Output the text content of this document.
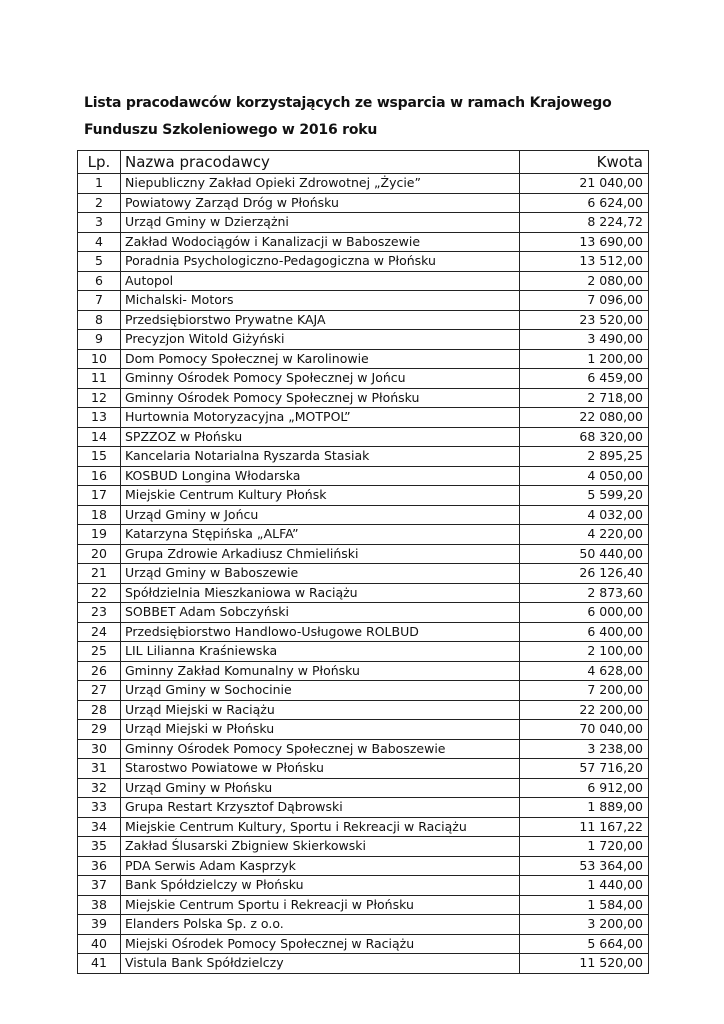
Lista pracodawców korzystających ze wsparcia w ramach Krajowego
Funduszu Szkoleniowego w 2016 roku
Lp.	Nazwa pracodawcy	Kwota
1	Niepubliczny Zakład Opieki Zdrowotnej „Życie”	21 040,00
2	Powiatowy Zarząd Dróg w Płońsku	6 624,00
3	Urząd Gminy w Dzierzążni	8 224,72
4	Zakład Wodociągów i Kanalizacji w Baboszewie	13 690,00
5	Poradnia Psychologiczno-Pedagogiczna w Płońsku	13 512,00
6	Autopol	2 080,00
7	Michalski- Motors	7 096,00
8	Przedsiębiorstwo Prywatne KAJA	23 520,00
9	Precyzjon Witold Giżyński	3 490,00
10	Dom Pomocy Społecznej w Karolinowie	1 200,00
11	Gminny Ośrodek Pomocy Społecznej w Jońcu	6 459,00
12	Gminny Ośrodek Pomocy Społecznej w Płońsku	2 718,00
13	Hurtownia Motoryzacyjna „MOTPOL”	22 080,00
14	SPZZOZ w Płońsku	68 320,00
15	Kancelaria Notarialna Ryszarda Stasiak	2 895,25
16	KOSBUD Longina Włodarska	4 050,00
17	Miejskie Centrum Kultury Płońsk	5 599,20
18	Urząd Gminy w Jońcu	4 032,00
19	Katarzyna Stępińska „ALFA”	4 220,00
20	Grupa Zdrowie Arkadiusz Chmieliński	50 440,00
21	Urząd Gminy w Baboszewie	26 126,40
22	Spółdzielnia Mieszkaniowa w Raciążu	2 873,60
23	SOBBET Adam Sobczyński	6 000,00
24	Przedsiębiorstwo Handlowo-Usługowe ROLBUD	6 400,00
25	LIL Lilianna Kraśniewska	2 100,00
26	Gminny Zakład Komunalny w Płońsku	4 628,00
27	Urząd Gminy w Sochocinie	7 200,00
28	Urząd Miejski w Raciążu	22 200,00
29	Urząd Miejski w Płońsku	70 040,00
30	Gminny Ośrodek Pomocy Społecznej w Baboszewie	3 238,00
31	Starostwo Powiatowe w Płońsku	57 716,20
32	Urząd Gminy w Płońsku	6 912,00
33	Grupa Restart Krzysztof Dąbrowski	1 889,00
34	Miejskie Centrum Kultury, Sportu i Rekreacji w Raciążu	11 167,22
35	Zakład Ślusarski Zbigniew Skierkowski	1 720,00
36	PDA Serwis Adam Kasprzyk	53 364,00
37	Bank Spółdzielczy w Płońsku	1 440,00
38	Miejskie Centrum Sportu i Rekreacji w Płońsku	1 584,00
39	Elanders Polska Sp. z o.o.	3 200,00
40	Miejski Ośrodek Pomocy Społecznej w Raciążu	5 664,00
41	Vistula Bank Spółdzielczy	11 520,00
